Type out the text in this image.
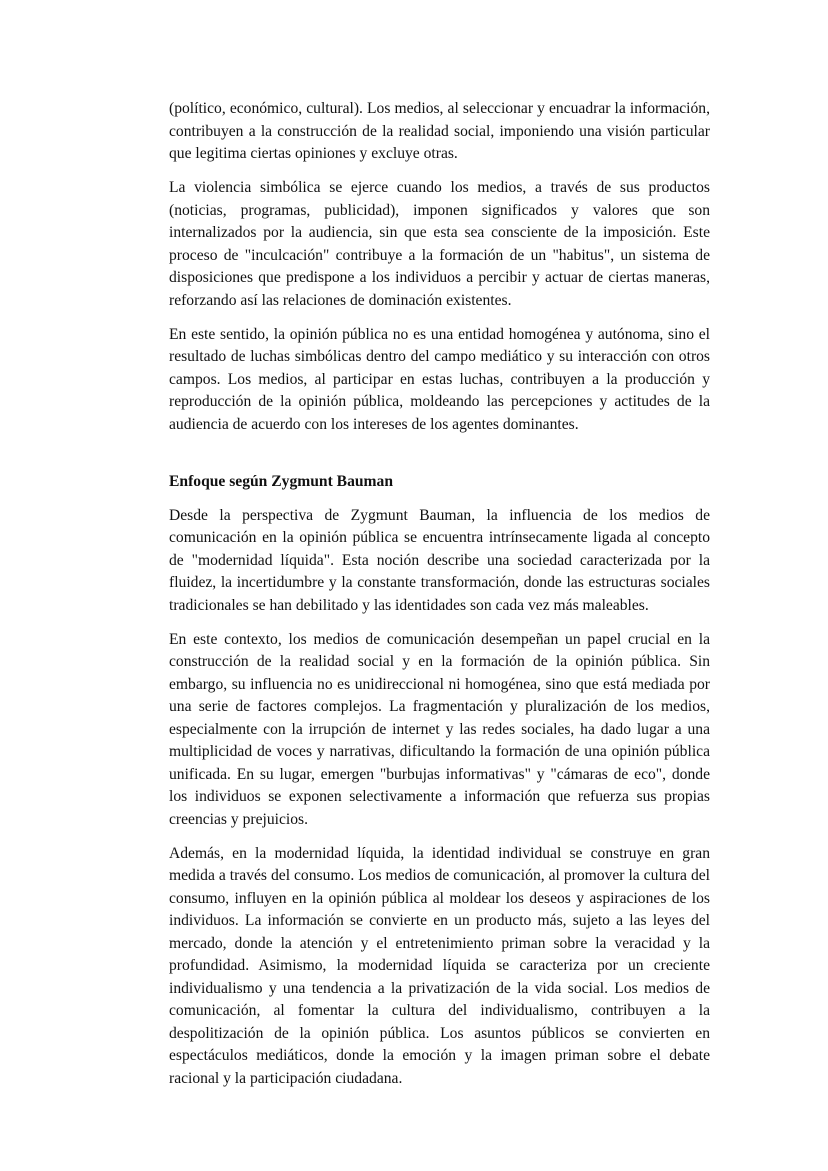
(político, económico, cultural). Los medios, al seleccionar y encuadrar la información, contribuyen a la construcción de la realidad social, imponiendo una visión particular que legitima ciertas opiniones y excluye otras.

La violencia simbólica se ejerce cuando los medios, a través de sus productos (noticias, programas, publicidad), imponen significados y valores que son internalizados por la audiencia, sin que esta sea consciente de la imposición. Este proceso de "inculcación" contribuye a la formación de un "habitus", un sistema de disposiciones que predispone a los individuos a percibir y actuar de ciertas maneras, reforzando así las relaciones de dominación existentes.

En este sentido, la opinión pública no es una entidad homogénea y autónoma, sino el resultado de luchas simbólicas dentro del campo mediático y su interacción con otros campos. Los medios, al participar en estas luchas, contribuyen a la producción y reproducción de la opinión pública, moldeando las percepciones y actitudes de la audiencia de acuerdo con los intereses de los agentes dominantes.

Enfoque según Zygmunt Bauman

Desde la perspectiva de Zygmunt Bauman, la influencia de los medios de comunicación en la opinión pública se encuentra intrínsecamente ligada al concepto de "modernidad líquida". Esta noción describe una sociedad caracterizada por la fluidez, la incertidumbre y la constante transformación, donde las estructuras sociales tradicionales se han debilitado y las identidades son cada vez más maleables.

En este contexto, los medios de comunicación desempeñan un papel crucial en la construcción de la realidad social y en la formación de la opinión pública. Sin embargo, su influencia no es unidireccional ni homogénea, sino que está mediada por una serie de factores complejos. La fragmentación y pluralización de los medios, especialmente con la irrupción de internet y las redes sociales, ha dado lugar a una multiplicidad de voces y narrativas, dificultando la formación de una opinión pública unificada. En su lugar, emergen "burbujas informativas" y "cámaras de eco", donde los individuos se exponen selectivamente a información que refuerza sus propias creencias y prejuicios.

Además, en la modernidad líquida, la identidad individual se construye en gran medida a través del consumo. Los medios de comunicación, al promover la cultura del consumo, influyen en la opinión pública al moldear los deseos y aspiraciones de los individuos. La información se convierte en un producto más, sujeto a las leyes del mercado, donde la atención y el entretenimiento priman sobre la veracidad y la profundidad. Asimismo, la modernidad líquida se caracteriza por un creciente individualismo y una tendencia a la privatización de la vida social. Los medios de comunicación, al fomentar la cultura del individualismo, contribuyen a la despolitización de la opinión pública. Los asuntos públicos se convierten en espectáculos mediáticos, donde la emoción y la imagen priman sobre el debate racional y la participación ciudadana.
